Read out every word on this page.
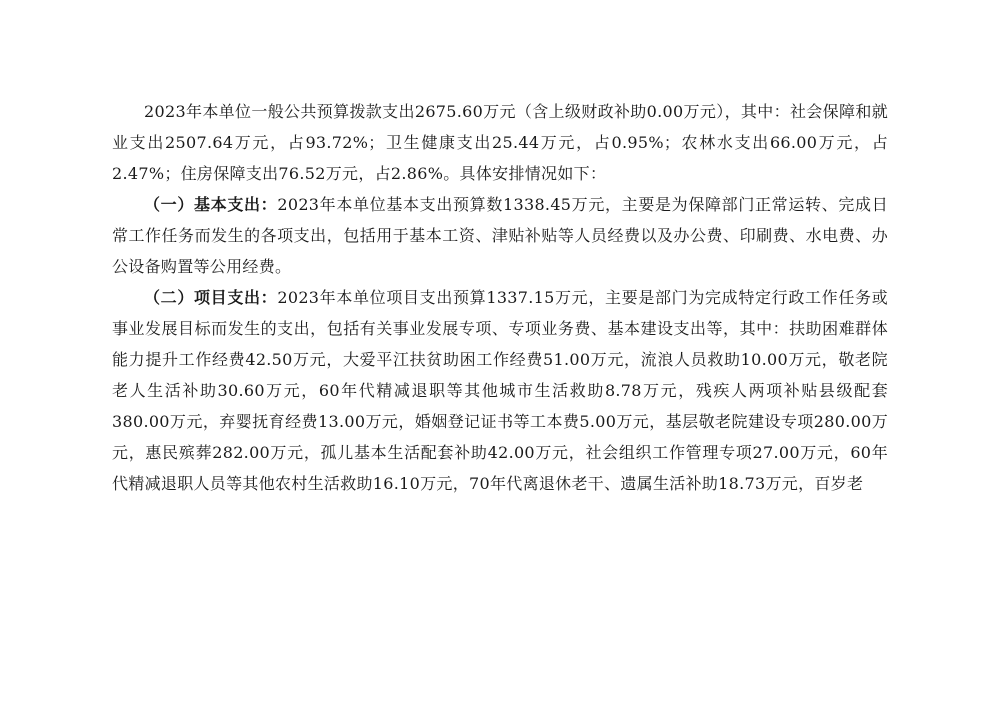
2023年本单位一般公共预算拨款支出2675.60万元（含上级财政补助0.00万元），其中：社会保障和就业支出2507.64万元，占93.72%；卫生健康支出25.44万元，占0.95%；农林水支出66.00万元，占2.47%；住房保障支出76.52万元，占2.86%。具体安排情况如下：

（一）基本支出：2023年本单位基本支出预算数1338.45万元，主要是为保障部门正常运转、完成日常工作任务而发生的各项支出，包括用于基本工资、津贴补贴等人员经费以及办公费、印刷费、水电费、办公设备购置等公用经费。

（二）项目支出：2023年本单位项目支出预算1337.15万元，主要是部门为完成特定行政工作任务或事业发展目标而发生的支出，包括有关事业发展专项、专项业务费、基本建设支出等，其中：扶助困难群体能力提升工作经费42.50万元，大爱平江扶贫助困工作经费51.00万元，流浪人员救助10.00万元，敬老院老人生活补助30.60万元，60年代精减退职等其他城市生活救助8.78万元，残疾人两项补贴县级配套380.00万元，弃婴抚育经费13.00万元，婚姻登记证书等工本费5.00万元，基层敬老院建设专项280.00万元，惠民殡葬282.00万元，孤儿基本生活配套补助42.00万元，社会组织工作管理专项27.00万元，60年代精减退职人员等其他农村生活救助16.10万元，70年代离退休老干、遗属生活补助18.73万元，百岁老
